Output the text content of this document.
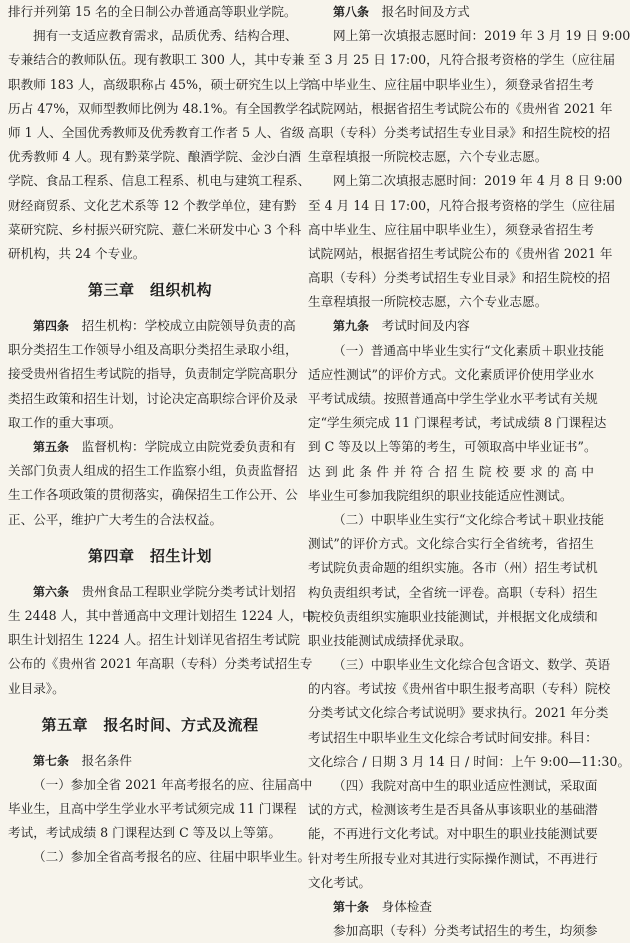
排行并列第 15 名的全日制公办普通高等职业学院。
拥有一支适应教育需求，品质优秀、结构合理、
专兼结合的教师队伍。现有教职工 300 人，其中专兼
职教师 183 人，高级职称占 45%，硕士研究生以上学
历占 47%，双师型教师比例为 48.1%。有全国教学名
师 1 人、全国优秀教师及优秀教育工作者 5 人、省级
优秀教师 4 人。现有黔菜学院、酿酒学院、金沙白酒
学院、食品工程系、信息工程系、机电与建筑工程系、
财经商贸系、文化艺术系等 12 个教学单位，建有黔
菜研究院、乡村振兴研究院、薏仁米研发中心 3 个科
研机构，共 24 个专业。
第三章　组织机构
第四条　招生机构：学校成立由院领导负责的高
职分类招生工作领导小组及高职分类招生录取小组，
接受贵州省招生考试院的指导，负责制定学院高职分
类招生政策和招生计划，讨论决定高职综合评价及录
取工作的重大事项。
第五条　监督机构：学院成立由院党委负责和有
关部门负责人组成的招生工作监察小组，负责监督招
生工作各项政策的贯彻落实，确保招生工作公开、公
正、公平，维护广大考生的合法权益。
第四章　招生计划
第六条　贵州食品工程职业学院分类考试计划招
生 2448 人，其中普通高中文理计划招生 1224 人，中
职生计划招生 1224 人。招生计划详见省招生考试院
公布的《贵州省 2021 年高职（专科）分类考试招生专
业目录》。
第五章　报名时间、方式及流程
第七条　报名条件
（一）参加全省 2021 年高考报名的应、往届高中
毕业生，且高中学生学业水平考试须完成 11 门课程
考试，考试成绩 8 门课程达到 C 等及以上等第。
（二）参加全省高考报名的应、往届中职毕业生。
第八条　报名时间及方式
网上第一次填报志愿时间：2019 年 3 月 19 日 9:00
至 3 月 25 日 17:00，凡符合报考资格的学生（应往届
高中毕业生、应往届中职毕业生），须登录省招生考
试院网站，根据省招生考试院公布的《贵州省 2021 年
高职（专科）分类考试招生专业目录》和招生院校的招
生章程填报一所院校志愿，六个专业志愿。
网上第二次填报志愿时间：2019 年 4 月 8 日 9:00
至 4 月 14 日 17:00，凡符合报考资格的学生（应往届
高中毕业生、应往届中职毕业生），须登录省招生考
试院网站，根据省招生考试院公布的《贵州省 2021 年
高职（专科）分类考试招生专业目录》和招生院校的招
生章程填报一所院校志愿，六个专业志愿。
第九条　考试时间及内容
（一）普通高中毕业生实行“文化素质＋职业技能
适应性测试”的评价方式。文化素质评价使用学业水
平考试成绩。按照普通高中学生学业水平考试有关规
定“学生须完成 11 门课程考试，考试成绩 8 门课程达
到 C 等及以上等第的考生，可领取高中毕业证书”。
达到此条件并符合招生院校要求的高中
毕业生可参加我院组织的职业技能适应性测试。
（二）中职毕业生实行“文化综合考试＋职业技能
测试”的评价方式。文化综合实行全省统考，省招生
考试院负责命题的组织实施。各市（州）招生考试机
构负责组织考试，全省统一评卷。高职（专科）招生
院校负责组织实施职业技能测试，并根据文化成绩和
职业技能测试成绩择优录取。
（三）中职毕业生文化综合包含语文、数学、英语
的内容。考试按《贵州省中职生报考高职（专科）院校
分类考试文化综合考试说明》要求执行。2021 年分类
考试招生中职毕业生文化综合考试时间安排。科目：
文化综合 / 日期 3 月 14 日 / 时间：上午 9:00—11:30。
（四）我院对高中生的职业适应性测试，采取面
试的方式，检测该考生是否具备从事该职业的基础潜
能，不再进行文化考试。对中职生的职业技能测试要
针对考生所报专业对其进行实际操作测试，不再进行
文化考试。
第十条　身体检查
参加高职（专科）分类考试招生的考生，均须参
